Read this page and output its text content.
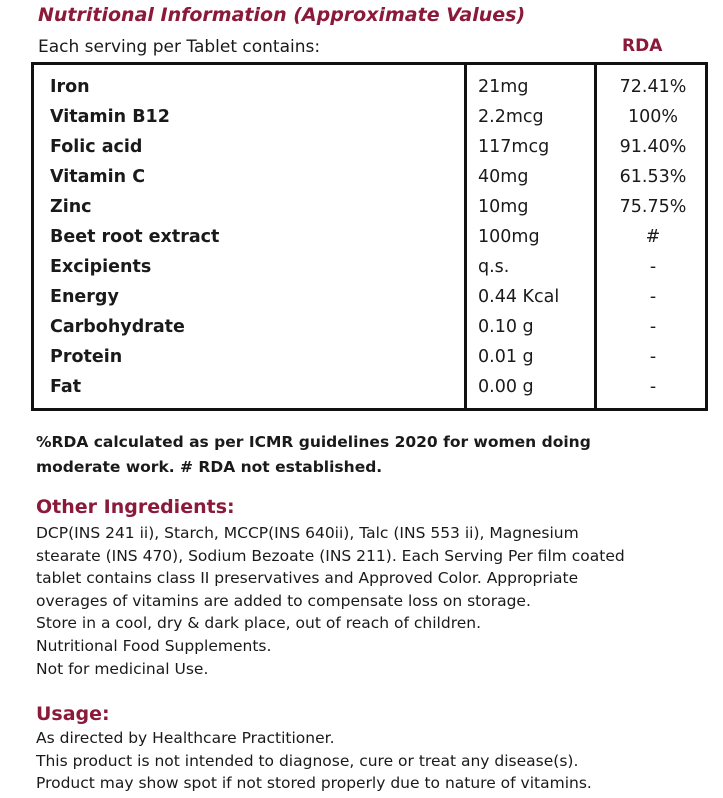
Nutritional Information (Approximate Values)
Each serving per Tablet contains:	RDA
Iron	21mg	72.41%
Vitamin B12	2.2mcg	100%
Folic acid	117mcg	91.40%
Vitamin C	40mg	61.53%
Zinc	10mg	75.75%
Beet root extract	100mg	#
Excipients	q.s.	-
Energy	0.44 Kcal	-
Carbohydrate	0.10 g	-
Protein	0.01 g	-
Fat	0.00 g	-
%RDA calculated as per ICMR guidelines 2020 for women doing
moderate work. # RDA not established.
Other Ingredients:
DCP(INS 241 ii), Starch, MCCP(INS 640ii), Talc (INS 553 ii), Magnesium
stearate (INS 470), Sodium Bezoate (INS 211). Each Serving Per film coated
tablet contains class II preservatives and Approved Color. Appropriate
overages of vitamins are added to compensate loss on storage.
Store in a cool, dry & dark place, out of reach of children.
Nutritional Food Supplements.
Not for medicinal Use.
Usage:
As directed by Healthcare Practitioner.
This product is not intended to diagnose, cure or treat any disease(s).
Product may show spot if not stored properly due to nature of vitamins.
